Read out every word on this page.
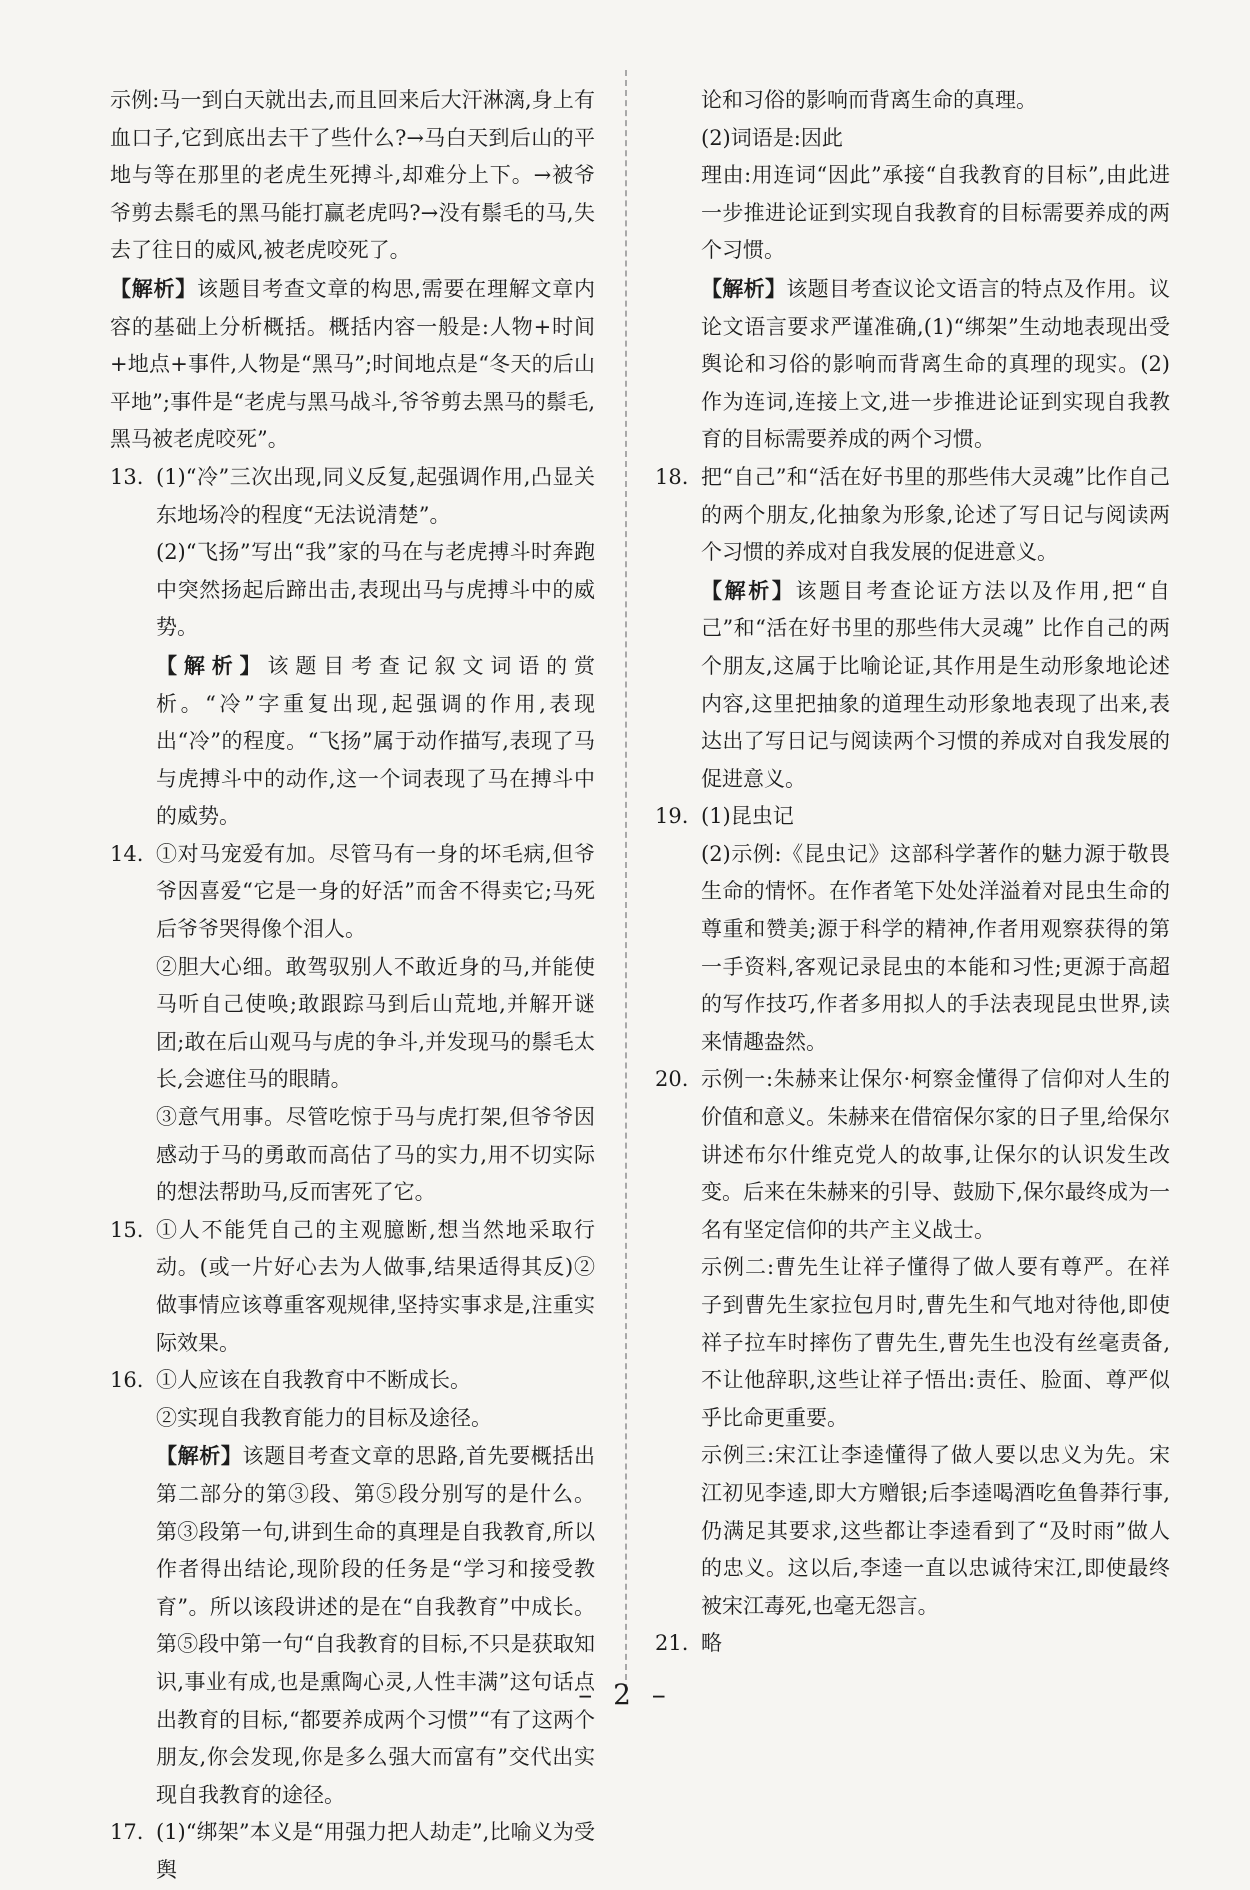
示例:马一到白天就出去,而且回来后大汗淋漓,身上有血口子,它到底出去干了些什么?→马白天到后山的平地与等在那里的老虎生死搏斗,却难分上下。→被爷爷剪去鬃毛的黑马能打赢老虎吗?→没有鬃毛的马,失去了往日的威风,被老虎咬死了。

【解析】该题目考查文章的构思,需要在理解文章内容的基础上分析概括。概括内容一般是:人物+时间+地点+事件,人物是“黑马”;时间地点是“冬天的后山平地”;事件是“老虎与黑马战斗,爷爷剪去黑马的鬃毛,黑马被老虎咬死”。

13. (1)“冷”三次出现,同义反复,起强调作用,凸显关东地场冷的程度“无法说清楚”。

(2)“飞扬”写出“我”家的马在与老虎搏斗时奔跑中突然扬起后蹄出击,表现出马与虎搏斗中的威势。

【解析】该题目考查记叙文词语的赏析。“冷”字重复出现,起强调的作用,表现出“冷”的程度。“飞扬”属于动作描写,表现了马与虎搏斗中的动作,这一个词表现了马在搏斗中的威势。

14. ①对马宠爱有加。尽管马有一身的坏毛病,但爷爷因喜爱“它是一身的好活”而舍不得卖它;马死后爷爷哭得像个泪人。

②胆大心细。敢驾驭别人不敢近身的马,并能使马听自己使唤;敢跟踪马到后山荒地,并解开谜团;敢在后山观马与虎的争斗,并发现马的鬃毛太长,会遮住马的眼睛。

③意气用事。尽管吃惊于马与虎打架,但爷爷因感动于马的勇敢而高估了马的实力,用不切实际的想法帮助马,反而害死了它。

15. ①人不能凭自己的主观臆断,想当然地采取行动。(或一片好心去为人做事,结果适得其反)②做事情应该尊重客观规律,坚持实事求是,注重实际效果。

16. ①人应该在自我教育中不断成长。

②实现自我教育能力的目标及途径。

【解析】该题目考查文章的思路,首先要概括出第二部分的第③段、第⑤段分别写的是什么。第③段第一句,讲到生命的真理是自我教育,所以作者得出结论,现阶段的任务是“学习和接受教育”。所以该段讲述的是在“自我教育”中成长。第⑤段中第一句“自我教育的目标,不只是获取知识,事业有成,也是熏陶心灵,人性丰满”这句话点出教育的目标,“都要养成两个习惯”“有了这两个朋友,你会发现,你是多么强大而富有”交代出实现自我教育的途径。

17. (1)“绑架”本义是“用强力把人劫走”,比喻义为受舆

论和习俗的影响而背离生命的真理。

(2)词语是:因此

理由:用连词“因此”承接“自我教育的目标”,由此进一步推进论证到实现自我教育的目标需要养成的两个习惯。

【解析】该题目考查议论文语言的特点及作用。议论文语言要求严谨准确,(1)“绑架”生动地表现出受舆论和习俗的影响而背离生命的真理的现实。(2)作为连词,连接上文,进一步推进论证到实现自我教育的目标需要养成的两个习惯。

18. 把“自己”和“活在好书里的那些伟大灵魂”比作自己的两个朋友,化抽象为形象,论述了写日记与阅读两个习惯的养成对自我发展的促进意义。

【解析】该题目考查论证方法以及作用,把“自己”和“活在好书里的那些伟大灵魂” 比作自己的两个朋友,这属于比喻论证,其作用是生动形象地论述内容,这里把抽象的道理生动形象地表现了出来,表达出了写日记与阅读两个习惯的养成对自我发展的促进意义。

19. (1)昆虫记

(2)示例:《昆虫记》这部科学著作的魅力源于敬畏生命的情怀。在作者笔下处处洋溢着对昆虫生命的尊重和赞美;源于科学的精神,作者用观察获得的第一手资料,客观记录昆虫的本能和习性;更源于高超的写作技巧,作者多用拟人的手法表现昆虫世界,读来情趣盎然。

20. 示例一:朱赫来让保尔·柯察金懂得了信仰对人生的价值和意义。朱赫来在借宿保尔家的日子里,给保尔讲述布尔什维克党人的故事,让保尔的认识发生改变。后来在朱赫来的引导、鼓励下,保尔最终成为一名有坚定信仰的共产主义战士。

示例二:曹先生让祥子懂得了做人要有尊严。在祥子到曹先生家拉包月时,曹先生和气地对待他,即使祥子拉车时摔伤了曹先生,曹先生也没有丝毫责备,不让他辞职,这些让祥子悟出:责任、脸面、尊严似乎比命更重要。

示例三:宋江让李逵懂得了做人要以忠义为先。宋江初见李逵,即大方赠银;后李逵喝酒吃鱼鲁莽行事,仍满足其要求,这些都让李逵看到了“及时雨”做人的忠义。这以后,李逵一直以忠诚待宋江,即使最终被宋江毒死,也毫无怨言。

21. 略

– 2 –
